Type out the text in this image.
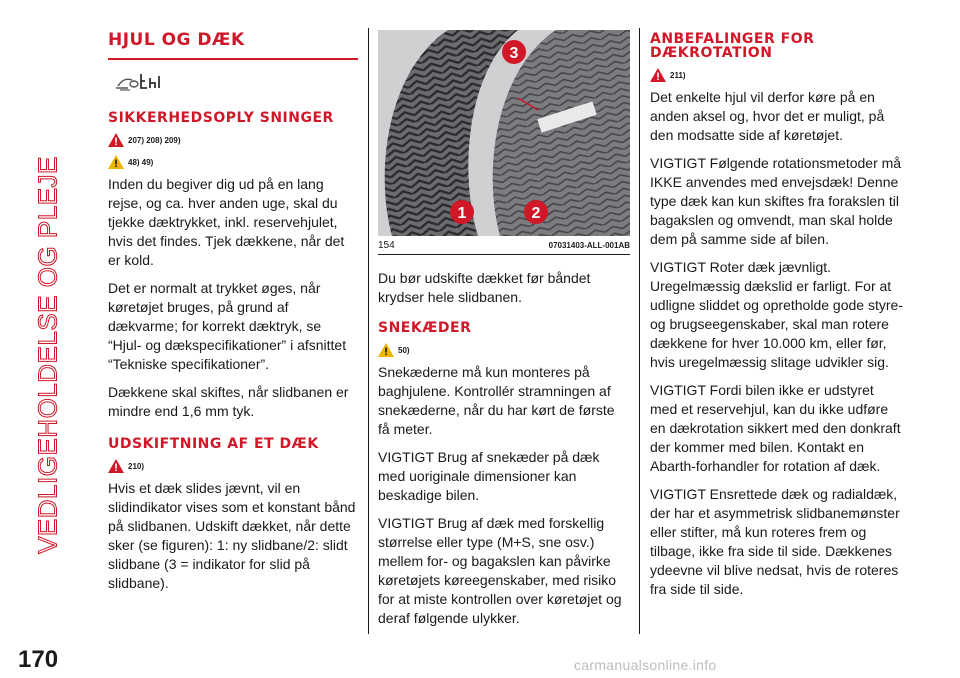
VEDLIGEHOLDELSE OG PLEJE
170	carmanualsonline.info
HJUL OG DÆK
SIKKERHEDSOPLY SNINGER
207) 208) 209)
48) 49)

Inden du begiver dig ud på en lang rejse, og ca. hver anden uge, skal du tjekke dæktrykket, inkl. reservehjulet, hvis det findes. Tjek dækkene, når det er kold.

Det er normalt at trykket øges, når køretøjet bruges, på grund af dækvarme; for korrekt dæktryk, se “Hjul- og dækspecifikationer” i afsnittet “Tekniske specifikationer”.

Dækkene skal skiftes, når slidbanen er mindre end 1,6 mm tyk.

UDSKIFTNING AF ET DÆK
210)

Hvis et dæk slides jævnt, vil en slidindikator vises som et konstant bånd på slidbanen. Udskift dækket, når dette sker (se figuren): 1: ny slidbane/2: slidt slidbane (3 = indikator for slid på slidbane).

1	2
3
154	07031403-ALL-001AB

Du bør udskifte dækket før båndet krydser hele slidbanen.

SNEKÆDER
50)

Snekæderne må kun monteres på baghjulene. Kontrollér stramningen af snekæderne, når du har kørt de første få meter.

VIGTIGT Brug af snekæder på dæk med uoriginale dimensioner kan beskadige bilen.

VIGTIGT Brug af dæk med forskellig størrelse eller type (M+S, sne osv.) mellem for- og bagakslen kan påvirke køretøjets køreegenskaber, med risiko for at miste kontrollen over køretøjet og deraf følgende ulykker.

ANBEFALINGER FOR DÆKROTATION
211)

Det enkelte hjul vil derfor køre på en anden aksel og, hvor det er muligt, på den modsatte side af køretøjet.

VIGTIGT Følgende rotationsmetoder må IKKE anvendes med envejsdæk! Denne type dæk kan kun skiftes fra forakslen til bagakslen og omvendt, man skal holde dem på samme side af bilen.

VIGTIGT Roter dæk jævnligt. Uregelmæssig dækslid er farligt. For at udligne sliddet og opretholde gode styre- og brugseegenskaber, skal man rotere dækkene for hver 10.000 km, eller før, hvis uregelmæssig slitage udvikler sig.

VIGTIGT Fordi bilen ikke er udstyret med et reservehjul, kan du ikke udføre en dækrotation sikkert med den donkraft der kommer med bilen. Kontakt en Abarth-forhandler for rotation af dæk.

VIGTIGT Ensrettede dæk og radialdæk, der har et asymmetrisk slidbanemønster eller stifter, må kun roteres frem og tilbage, ikke fra side til side. Dækkenes ydeevne vil blive nedsat, hvis de roteres fra side til side.
